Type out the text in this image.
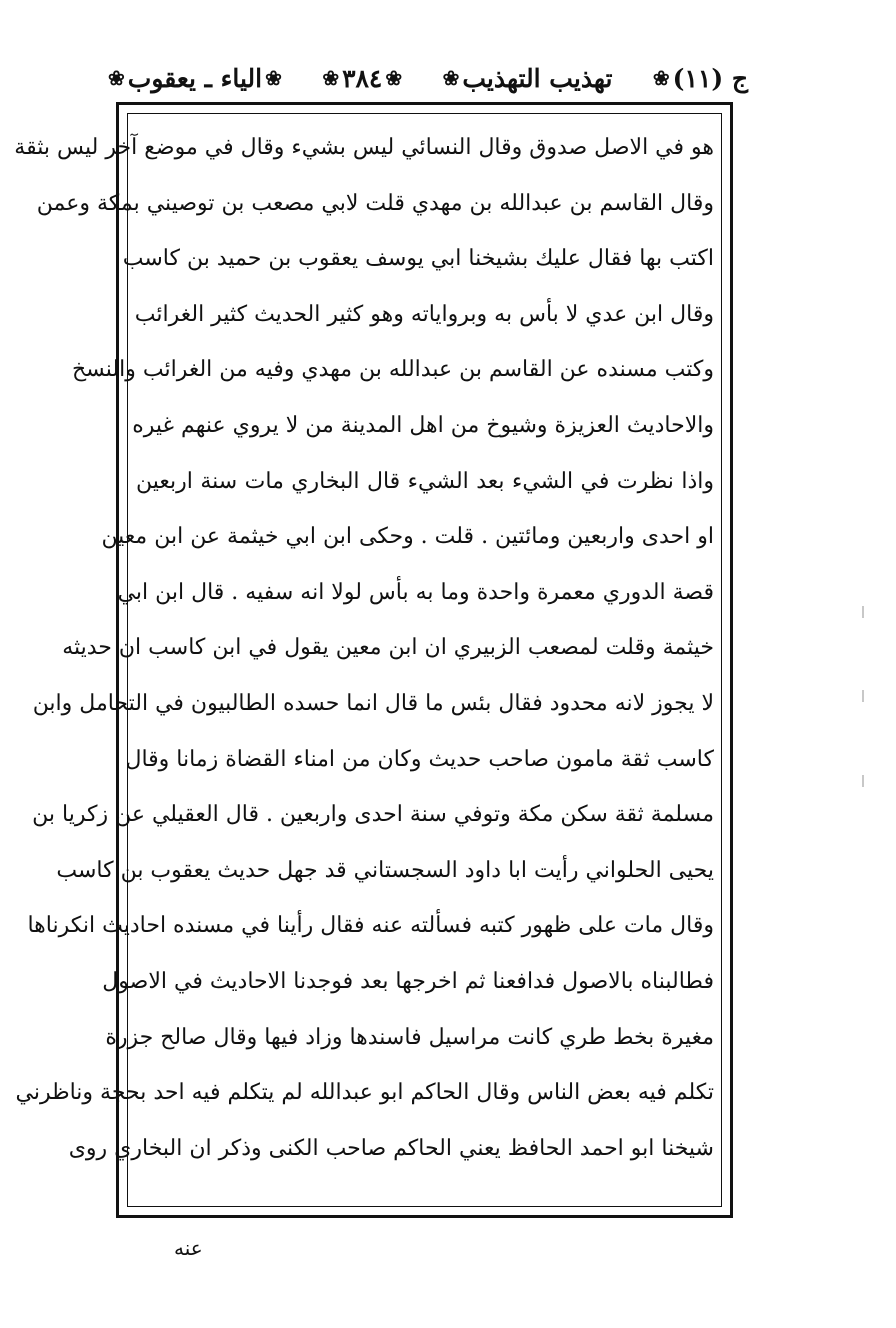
ج (١١)
❀
تهذيب التهذيب
❀
❀
٣٨٤
❀
❀
الياء ـ يعقوب
❀
هو في الاصل صدوق وقال النسائي ليس بشيء وقال في موضع آخر ليس بثقة
وقال القاسم بن عبدالله بن مهدي قلت لابي مصعب بن توصيني بمكة وعمن
اكتب بها فقال عليك بشيخنا ابي يوسف يعقوب بن حميد بن كاسب
وقال ابن عدي لا بأس به وبرواياته وهو كثير الحديث كثير الغرائب
وكتب مسنده عن القاسم بن عبدالله بن مهدي وفيه من الغرائب والنسخ
والاحاديث العزيزة وشيوخ من اهل المدينة من لا يروي عنهم غيره
واذا نظرت في الشيء بعد الشيء قال البخاري مات سنة اربعين
او احدى واربعين ومائتين . قلت . وحكى ابن ابي خيثمة عن ابن معين
قصة الدوري معمرة واحدة وما به بأس لولا انه سفيه . قال ابن ابي
خيثمة وقلت لمصعب الزبيري ان ابن معين يقول في ابن كاسب ان حديثه
لا يجوز لانه محدود فقال بئس ما قال انما حسده الطالبيون في التحامل وابن
كاسب ثقة مامون صاحب حديث وكان من امناء القضاة زمانا وقال
مسلمة ثقة سكن مكة وتوفي سنة احدى واربعين . قال العقيلي عن زكريا بن
يحيى الحلواني رأيت ابا داود السجستاني قد جهل حديث يعقوب بن كاسب
وقال مات على ظهور كتبه فسألته عنه فقال رأينا في مسنده احاديث انكرناها
فطالبناه بالاصول فدافعنا ثم اخرجها بعد فوجدنا الاحاديث في الاصول
مغيرة بخط طري كانت مراسيل فاسندها وزاد فيها وقال صالح جزرة
تكلم فيه بعض الناس وقال الحاكم ابو عبدالله لم يتكلم فيه احد بحجة وناظرني
شيخنا ابو احمد الحافظ يعني الحاكم صاحب الكنى وذكر ان البخاري روى
عنه
